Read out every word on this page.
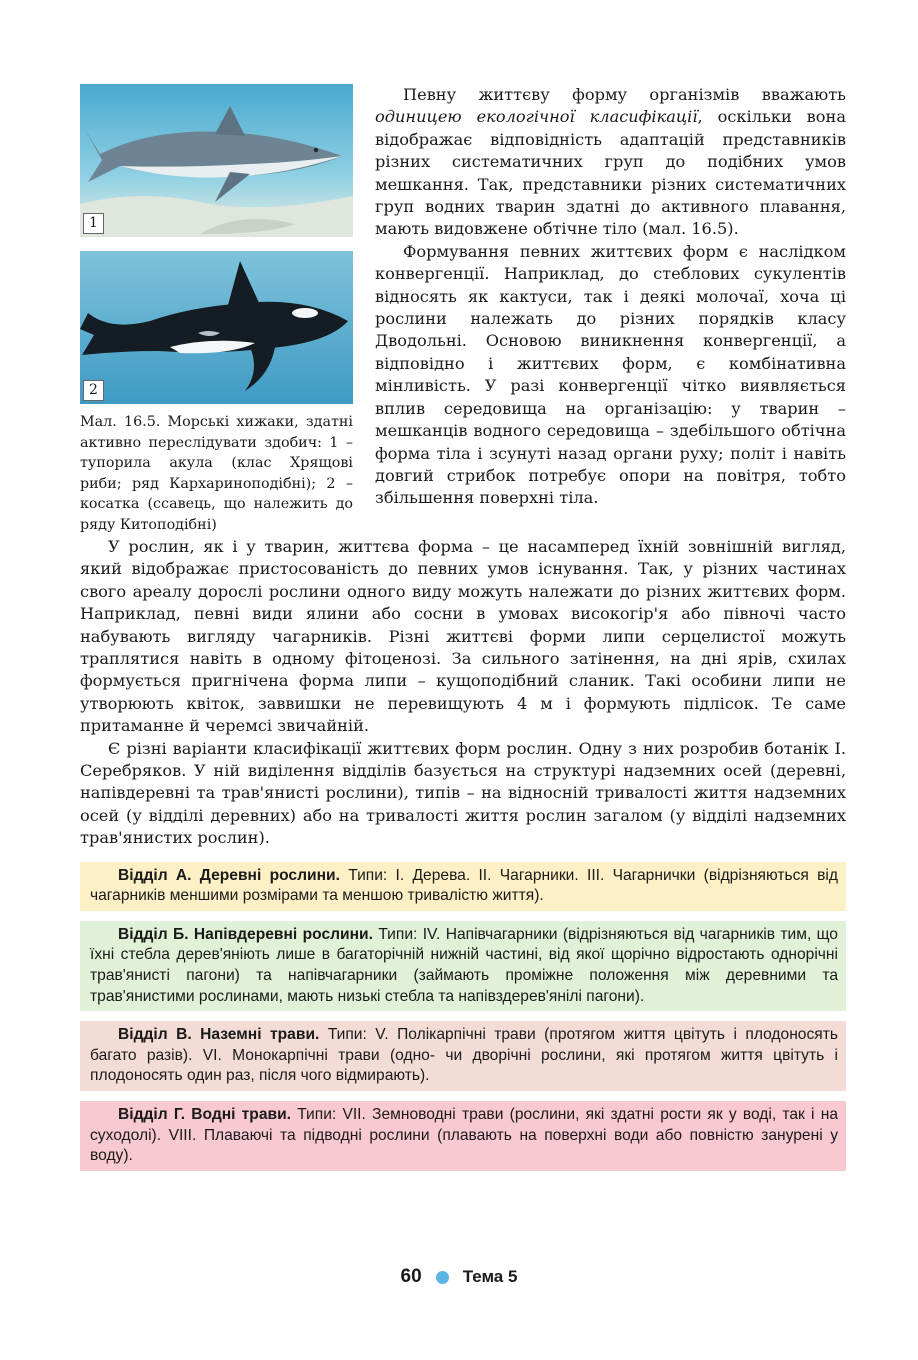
1
2
Мал. 16.5. Морські хижаки, здатні активно переслідувати здобич: 1 – тупорила акула (клас Хрящові риби; ряд Кархаринoподібні); 2 – косатка (ссавець, що належить до ряду Китоподібні)

Певну життєву форму організмів вважають одиницею екологічної класифікації, оскільки вона відображає відповідність адаптацій представників різних систематичних груп до подібних умов мешкання. Так, представники різних систематичних груп водних тварин здатні до активного плавання, мають видовжене обтічне тіло (мал. 16.5).

Формування певних життєвих форм є наслідком конвергенції. Наприклад, до стеблових сукулентів відносять як кактуси, так і деякі молочаї, хоча ці рослини належать до різних порядків класу Дводольні. Основою виникнення конвергенції, а відповідно і життєвих форм, є комбінативна мінливість. У разі конвергенції чітко виявляється вплив середовища на організацію: у тварин – мешканців водного середовища – здебільшого обтічна форма тіла і зсунуті назад органи руху; політ і навіть довгий стрибок потребує опори на повітря, тобто збільшення поверхні тіла.

У рослин, як і у тварин, життєва форма – це насамперед їхній зовнішній вигляд, який відображає пристосованість до певних умов існування. Так, у різних частинах свого ареалу дорослі рослини одного виду можуть належати до різних життєвих форм. Наприклад, певні види ялини або сосни в умовах високогір'я або півночі часто набувають вигляду чагарників. Різні життєві форми липи серцелистої можуть траплятися навіть в одному фітоценозі. За сильного затінення, на дні ярів, схилах формується пригнічена форма липи – кущоподібний сланик. Такі особини липи не утворюють квіток, заввишки не перевищують 4 м і формують підлісок. Те саме притаманне й черемсі звичайній.

Є різні варіанти класифікації життєвих форм рослин. Одну з них розробив ботанік І. Серебряков. У ній виділення відділів базується на структурі надземних осей (деревні, напівдеревні та трав'янисті рослини), типів – на відносній тривалості життя надземних осей (у відділі деревних) або на тривалості життя рослин загалом (у відділі надземних трав'янистих рослин).

Відділ А. Деревні рослини. Типи: І. Дерева. ІІ. Чагарники. ІІІ. Чагарнички (відрізняються від чагарників меншими розмірами та меншою тривалістю життя).
Відділ Б. Напівдеревні рослини. Типи: IV. Напівчагарники (відрізняються від чагарників тим, що їхні стебла дерев'яніють лише в багаторічній нижній частині, від якої щорічно відростають однорічні трав'янисті пагони) та напівчагарники (займають проміжне положення між деревними та трав'янистими рослинами, мають низькі стебла та напівздерев'янілі пагони).
Відділ В. Наземні трави. Типи: V. Полікарпічні трави (протягом життя цвітуть і плодоносять багато разів). VІ. Монокарпічні трави (одно- чи дворічні рослини, які протягом життя цвітуть і плодоносять один раз, після чого відмирають).
Відділ Г. Водні трави. Типи: VІІ. Земноводні трави (рослини, які здатні рости як у воді, так і на суходолі). VІІІ. Плаваючі та підводні рослини (плавають на поверхні води або повністю занурені у воду).
60 Тема 5
